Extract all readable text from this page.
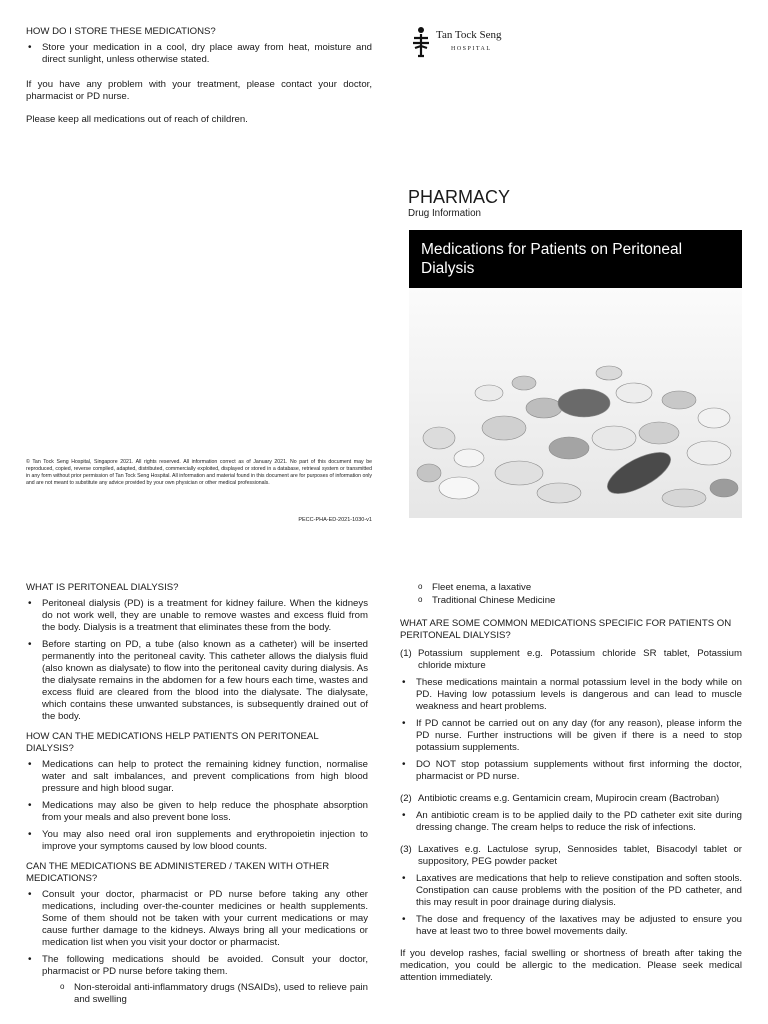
HOW DO I STORE THESE MEDICATIONS?

• Store your medication in a cool, dry place away from heat, moisture and direct sunlight, unless otherwise stated.

If you have any problem with your treatment, please contact your doctor, pharmacist or PD nurse.

Please keep all medications out of reach of children.

Tan Tock Seng
HOSPITAL
PHARMACY
Drug Information
Medications for Patients on Peritoneal Dialysis
© Tan Tock Seng Hospital, Singapore 2021. All rights reserved. All information correct as of January 2021. No part of this document may be reproduced, copied, reverse compiled, adapted, distributed, commercially exploited, displayed or stored in a database, retrieval system or transmitted in any form without prior permission of Tan Tock Seng Hospital. All information and material found in this document are for purposes of information only and are not meant to substitute any advice provided by your own physician or other medical professionals.
PECC-PHA-ED-2021-1030-v1

WHAT IS PERITONEAL DIALYSIS?

• Peritoneal dialysis (PD) is a treatment for kidney failure. When the kidneys do not work well, they are unable to remove wastes and excess fluid from the body. Dialysis is a treatment that eliminates these from the body.
• Before starting on PD, a tube (also known as a catheter) will be inserted permanently into the peritoneal cavity. This catheter allows the dialysis fluid (also known as dialysate) to flow into the peritoneal cavity during dialysis. As the dialysate remains in the abdomen for a few hours each time, wastes and excess fluid are cleared from the blood into the dialysate. The dialysate, which contains these unwanted substances, is subsequently drained out of the body.

HOW CAN THE MEDICATIONS HELP PATIENTS ON PERITONEAL DIALYSIS?

• Medications can help to protect the remaining kidney function, normalise water and salt imbalances, and prevent complications from high blood pressure and high blood sugar.
• Medications may also be given to help reduce the phosphate absorption from your meals and also prevent bone loss.
• You may also need oral iron supplements and erythropoietin injection to improve your symptoms caused by low blood counts.

CAN THE MEDICATIONS BE ADMINISTERED / TAKEN WITH OTHER MEDICATIONS?

• Consult your doctor, pharmacist or PD nurse before taking any other medications, including over-the-counter medicines or health supplements. Some of them should not be taken with your current medications or may cause further damage to the kidneys. Always bring all your medications or medication list when you visit your doctor or pharmacist.
• The following medications should be avoided. Consult your doctor, pharmacist or PD nurse before taking them.
o Non-steroidal anti-inflammatory drugs (NSAIDs), used to relieve pain and swelling
o Fleet enema, a laxative
o Traditional Chinese Medicine

WHAT ARE SOME COMMON MEDICATIONS SPECIFIC FOR PATIENTS ON PERITONEAL DIALYSIS?

(1) Potassium supplement e.g. Potassium chloride SR tablet, Potassium chloride mixture
• These medications maintain a normal potassium level in the body while on PD. Having low potassium levels is dangerous and can lead to muscle weakness and heart problems.
• If PD cannot be carried out on any day (for any reason), please inform the PD nurse. Further instructions will be given if there is a need to stop potassium supplements.
• DO NOT stop potassium supplements without first informing the doctor, pharmacist or PD nurse.
(2) Antibiotic creams e.g. Gentamicin cream, Mupirocin cream (Bactroban)
• An antibiotic cream is to be applied daily to the PD catheter exit site during dressing change. The cream helps to reduce the risk of infections.
(3) Laxatives e.g. Lactulose syrup, Sennosides tablet, Bisacodyl tablet or suppository, PEG powder packet
• Laxatives are medications that help to relieve constipation and soften stools. Constipation can cause problems with the position of the PD catheter, and this may result in poor drainage during dialysis.
• The dose and frequency of the laxatives may be adjusted to ensure you have at least two to three bowel movements daily.

If you develop rashes, facial swelling or shortness of breath after taking the medication, you could be allergic to the medication. Please seek medical attention immediately.
